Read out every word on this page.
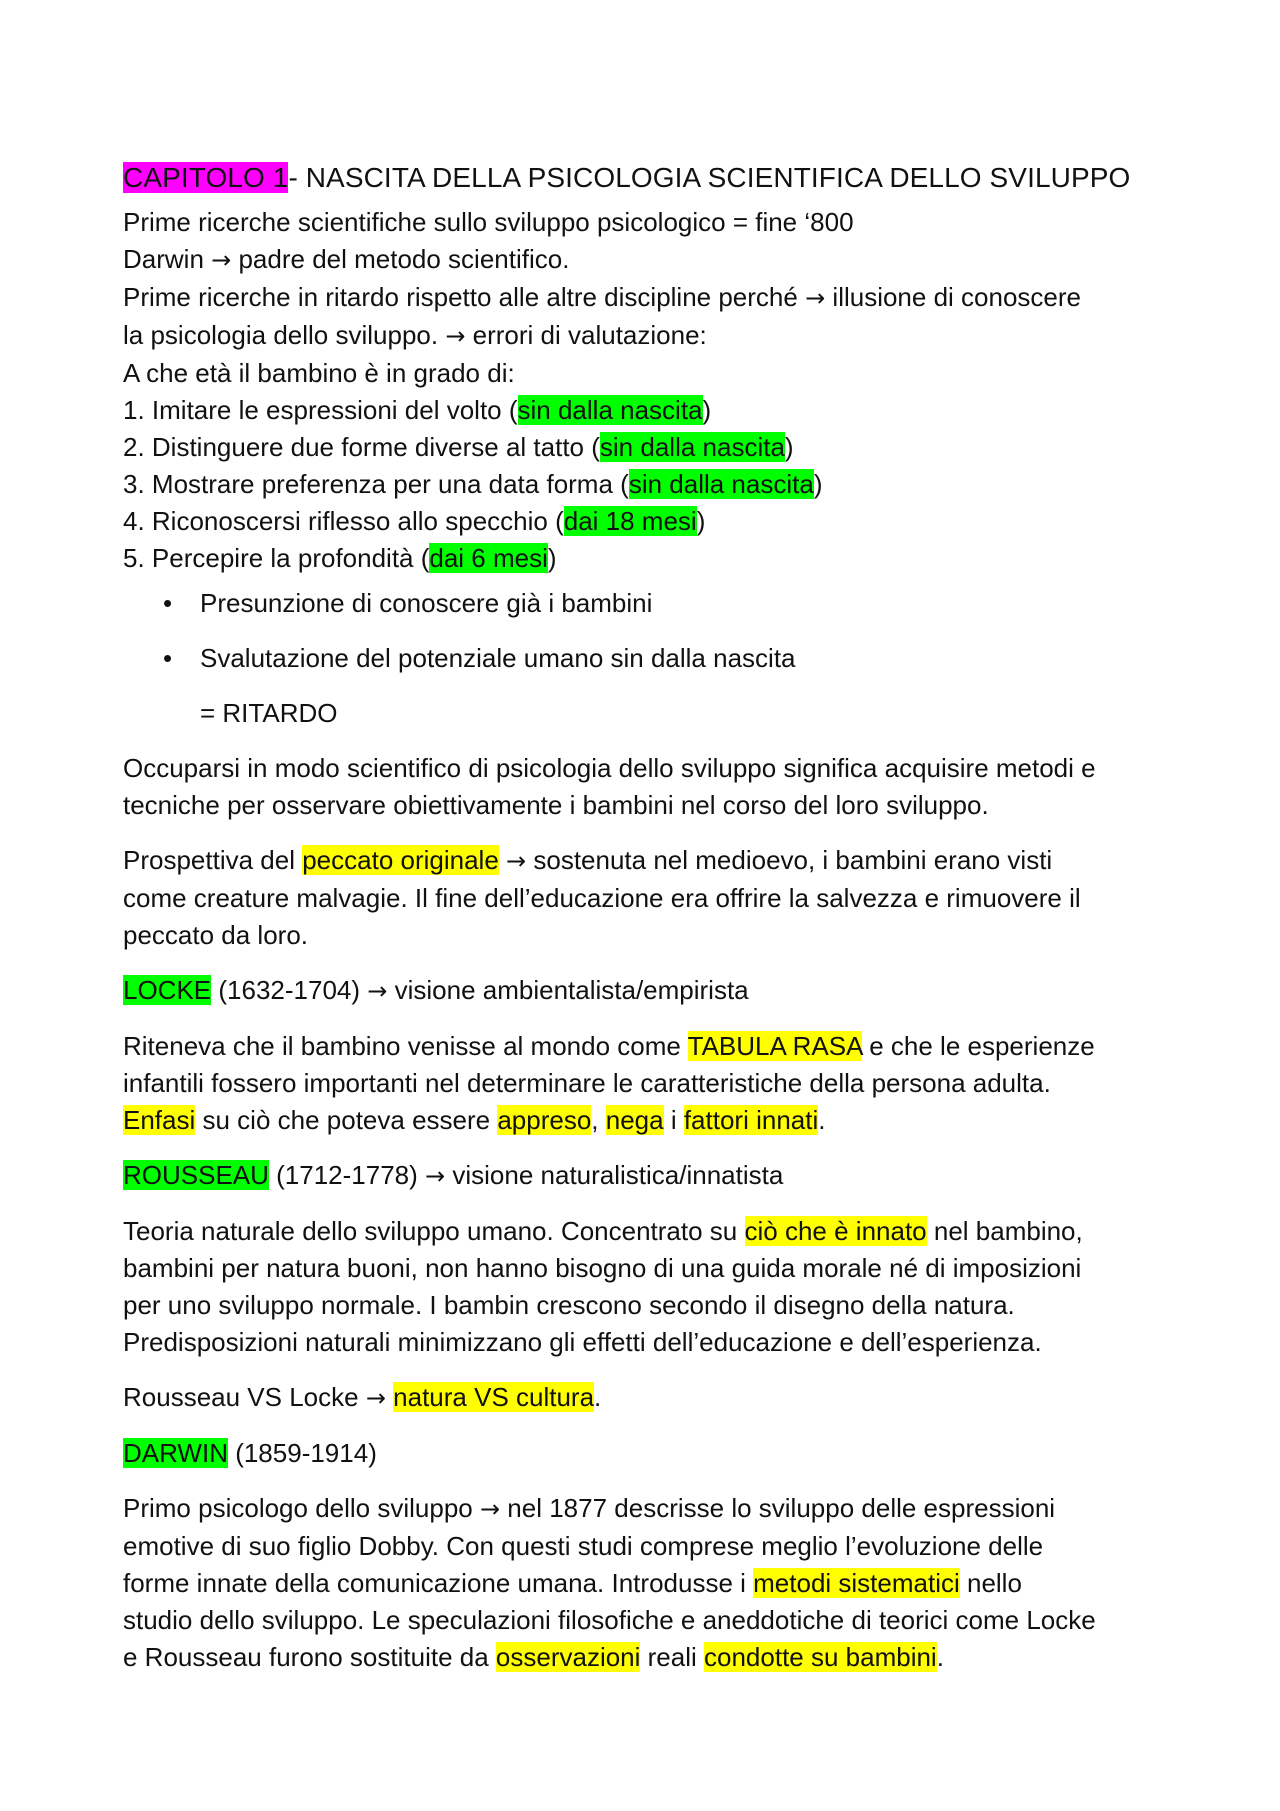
CAPITOLO 1- NASCITA DELLA PSICOLOGIA SCIENTIFICA DELLO SVILUPPO
Prime ricerche scientifiche sullo sviluppo psicologico = fine ‘800
Darwin → padre del metodo scientifico.
Prime ricerche in ritardo rispetto alle altre discipline perché → illusione di conoscere
la psicologia dello sviluppo. → errori di valutazione:
A che età il bambino è in grado di:
1. Imitare le espressioni del volto (sin dalla nascita)
2. Distinguere due forme diverse al tatto (sin dalla nascita)
3. Mostrare preferenza per una data forma (sin dalla nascita)
4. Riconoscersi riflesso allo specchio (dai 18 mesi)
5. Percepire la profondità (dai 6 mesi)
• Presunzione di conoscere già i bambini
• Svalutazione del potenziale umano sin dalla nascita
= RITARDO
Occuparsi in modo scientifico di psicologia dello sviluppo significa acquisire metodi e
tecniche per osservare obiettivamente i bambini nel corso del loro sviluppo.
Prospettiva del peccato originale → sostenuta nel medioevo, i bambini erano visti
come creature malvagie. Il fine dell’educazione era offrire la salvezza e rimuovere il
peccato da loro.
LOCKE (1632-1704) → visione ambientalista/empirista
Riteneva che il bambino venisse al mondo come TABULA RASA e che le esperienze
infantili fossero importanti nel determinare le caratteristiche della persona adulta.
Enfasi su ciò che poteva essere appreso, nega i fattori innati.
ROUSSEAU (1712-1778) → visione naturalistica/innatista
Teoria naturale dello sviluppo umano. Concentrato su ciò che è innato nel bambino,
bambini per natura buoni, non hanno bisogno di una guida morale né di imposizioni
per uno sviluppo normale. I bambin crescono secondo il disegno della natura.
Predisposizioni naturali minimizzano gli effetti dell’educazione e dell’esperienza.
Rousseau VS Locke → natura VS cultura.
DARWIN (1859-1914)
Primo psicologo dello sviluppo → nel 1877 descrisse lo sviluppo delle espressioni
emotive di suo figlio Dobby. Con questi studi comprese meglio l’evoluzione delle
forme innate della comunicazione umana. Introdusse i metodi sistematici nello
studio dello sviluppo. Le speculazioni filosofiche e aneddotiche di teorici come Locke
e Rousseau furono sostituite da osservazioni reali condotte su bambini.
